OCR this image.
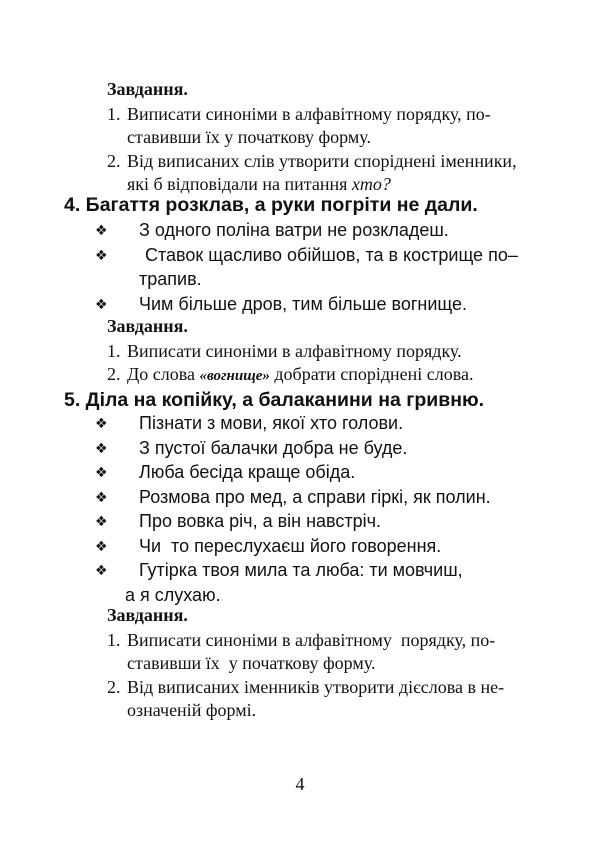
Завдання.
1. Виписати синоніми в алфавітному порядку, по-
ставивши їх у початкову форму.
2. Від виписаних слів утворити споріднені іменники,
які б відповідали на питання хто?
4. Багаття розклав, а руки погріти не дали.
❖	З одного поліна ватри не розкладеш.
❖	Ставок щасливо обійшов, та в кострище по–
трапив.
❖	Чим більше дров, тим більше вогнище.
Завдання.
1. Виписати синоніми в алфавітному порядку.
2. До слова «вогнище» добрати споріднені слова.
5. Діла на копійку, а балаканини на гривню.
❖	Пізнати з мови, якої хто голови.
❖	З пустої балачки добра не буде.
❖	Люба бесіда краще обіда.
❖	Розмова про мед, а справи гіркі, як полин.
❖	Про вовка річ, а він навстріч.
❖	Чи  то переслухаєш його говорення.
❖	Гутірка твоя мила та люба: ти мовчиш,
а я слухаю.
Завдання.
1. Виписати синоніми в алфавітному  порядку, по-
ставивши їх  у початкову форму.
2. Від виписаних іменників утворити дієслова в не-
означеній формі.
4
